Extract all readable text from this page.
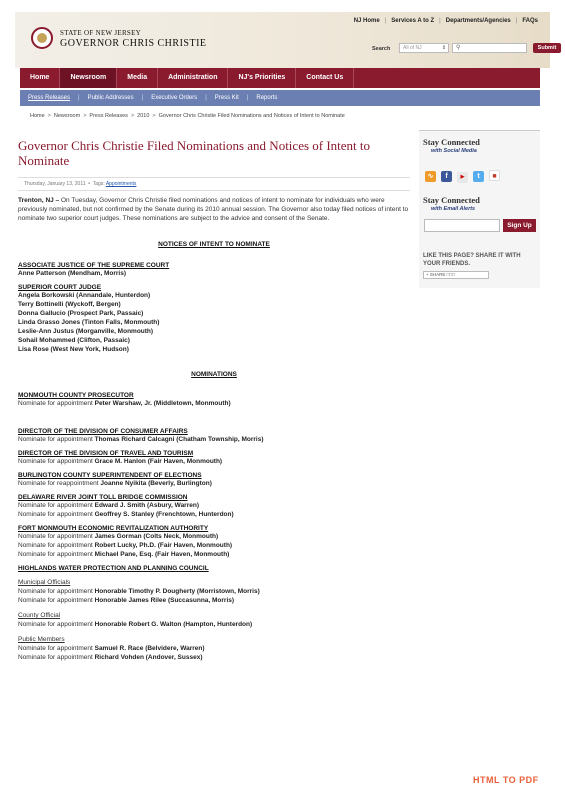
NJ Home | Services A to Z | Departments/Agencies | FAQs
STATE OF NEW JERSEY
GOVERNOR CHRIS CHRISTIE	Search	All of NJ	⇕ ⚲	Submit
Home	Newsroom	Media	Administration	NJ's Priorities	Contact Us
Press Releases	|	Public Addresses	|	Executive Orders	|	Press Kit	|	Reports
Home > Newsroom > Press Releases > 2010 > Governor Chris Christie Filed Nominations and Notices of Intent to Nominate
Governor Chris Christie Filed Nominations and Notices of Intent to Nominate
Thursday, January 13, 2011  •  Tags: Appointments

Trenton, NJ – On Tuesday, Governor Chris Christie filed nominations and notices of intent to nominate for individuals who were previously nominated, but not confirmed by the Senate during its 2010 annual session. The Governor also today filed notices of intent to nominate two superior court judges. These nominations are subject to the advice and consent of the Senate.

NOTICES OF INTENT TO NOMINATE
ASSOCIATE JUSTICE OF THE SUPREME COURT
Anne Patterson (Mendham, Morris)
SUPERIOR COURT JUDGE
Angela Borkowski (Annandale, Hunterdon)
Terry Bottinelli (Wyckoff, Bergen)
Donna Gallucio (Prospect Park, Passaic)
Linda Grasso Jones (Tinton Falls, Monmouth)
Leslie-Ann Justus (Morganville, Monmouth)
Sohail Mohammed (Clifton, Passaic)
Lisa Rose (West New York, Hudson)
NOMINATIONS
MONMOUTH COUNTY PROSECUTOR
Nominate for appointment Peter Warshaw, Jr. (Middletown, Monmouth)
DIRECTOR OF THE DIVISION OF CONSUMER AFFAIRS
Nominate for appointment Thomas Richard Calcagni (Chatham Township, Morris)
DIRECTOR OF THE DIVISION OF TRAVEL AND TOURISM
Nominate for appointment Grace M. Hanlon (Fair Haven, Monmouth)
BURLINGTON COUNTY SUPERINTENDENT OF ELECTIONS
Nominate for reappointment Joanne Nyikita (Beverly, Burlington)
DELAWARE RIVER JOINT TOLL BRIDGE COMMISSION
Nominate for appointment Edward J. Smith (Asbury, Warren)
Nominate for appointment Geoffrey S. Stanley (Frenchtown, Hunterdon)
FORT MONMOUTH ECONOMIC REVITALIZATION AUTHORITY
Nominate for appointment James Gorman (Colts Neck, Monmouth)
Nominate for appointment Robert Lucky, Ph.D. (Fair Haven, Monmouth)
Nominate for appointment Michael Pane, Esq. (Fair Haven, Monmouth)
HIGHLANDS WATER PROTECTION AND PLANNING COUNCIL
Municipal Officials
Nominate for appointment Honorable Timothy P. Dougherty (Morristown, Morris)
Nominate for appointment Honorable James Rilee (Succasunna, Morris)
County Official
Nominate for appointment Honorable Robert G. Walton (Hampton, Hunterdon)
Public Members
Nominate for appointment Samuel R. Race (Belvidere, Warren)
Nominate for appointment Richard Vohden (Andover, Sussex)
Stay Connected
with Social Media
∿ f	▶ t ■
Stay Connected
with Email Alerts
Sign Up
LIKE THIS PAGE? SHARE IT WITH YOUR FRIENDS.
+ SHARE □□□
HTML TO PDF
